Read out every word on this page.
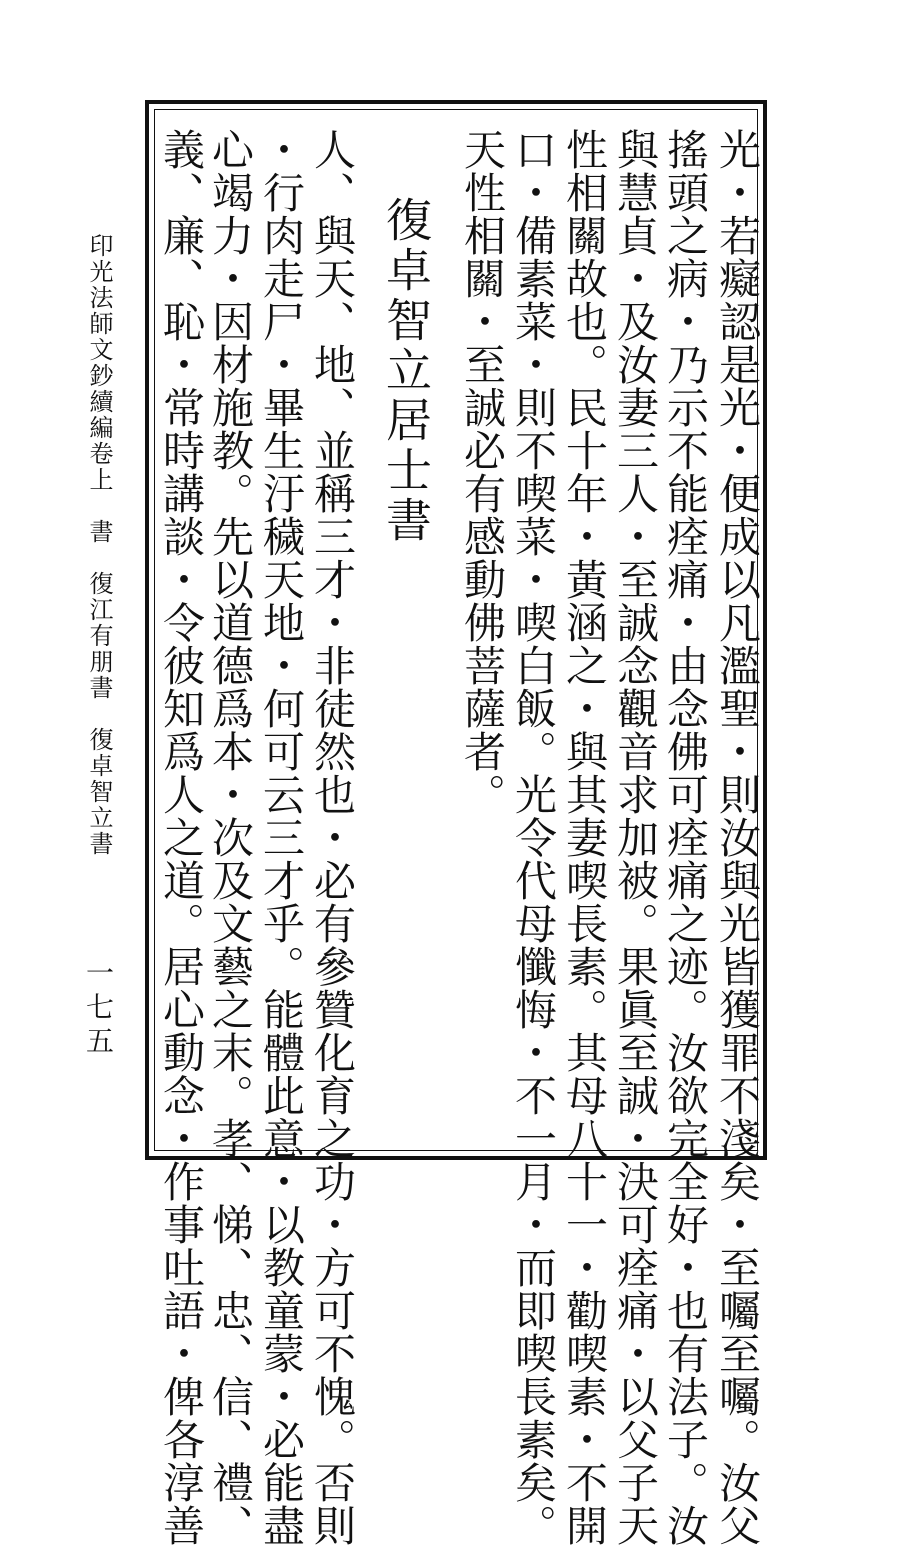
光・若癡認是光・便成以凡濫聖・則汝與光皆獲罪不淺矣・至囑至囑。汝父
搖頭之病・乃示不能痊痛・由念佛可痊痛之迹。汝欲完全好・也有法子。汝
與慧貞・及汝妻三人・至誠念觀音求加被。果眞至誠・決可痊痛・以父子天
性相關故也。民十年・黃涵之・與其妻喫長素。其母八十一・勸喫素・不開
口・備素菜・則不喫菜・喫白飯。光令代母懺悔・不一月・而即喫長素矣。
天性相關・至誠必有感動佛菩薩者。
復卓智立居士書
人、與天、地、並稱三才・非徒然也・必有參贊化育之功・方可不愧。否則
・行肉走尸・畢生汙穢天地・何可云三才乎。能體此意・以教童蒙・必能盡
心竭力・因材施教。先以道德爲本・次及文藝之末。孝、悌、忠、信、禮、
義、廉、恥・常時講談・令彼知爲人之道。居心動念・作事吐語・俾各淳善
印光法師文鈔續編卷上　書　復江有朋書　復卓智立書
一七五
